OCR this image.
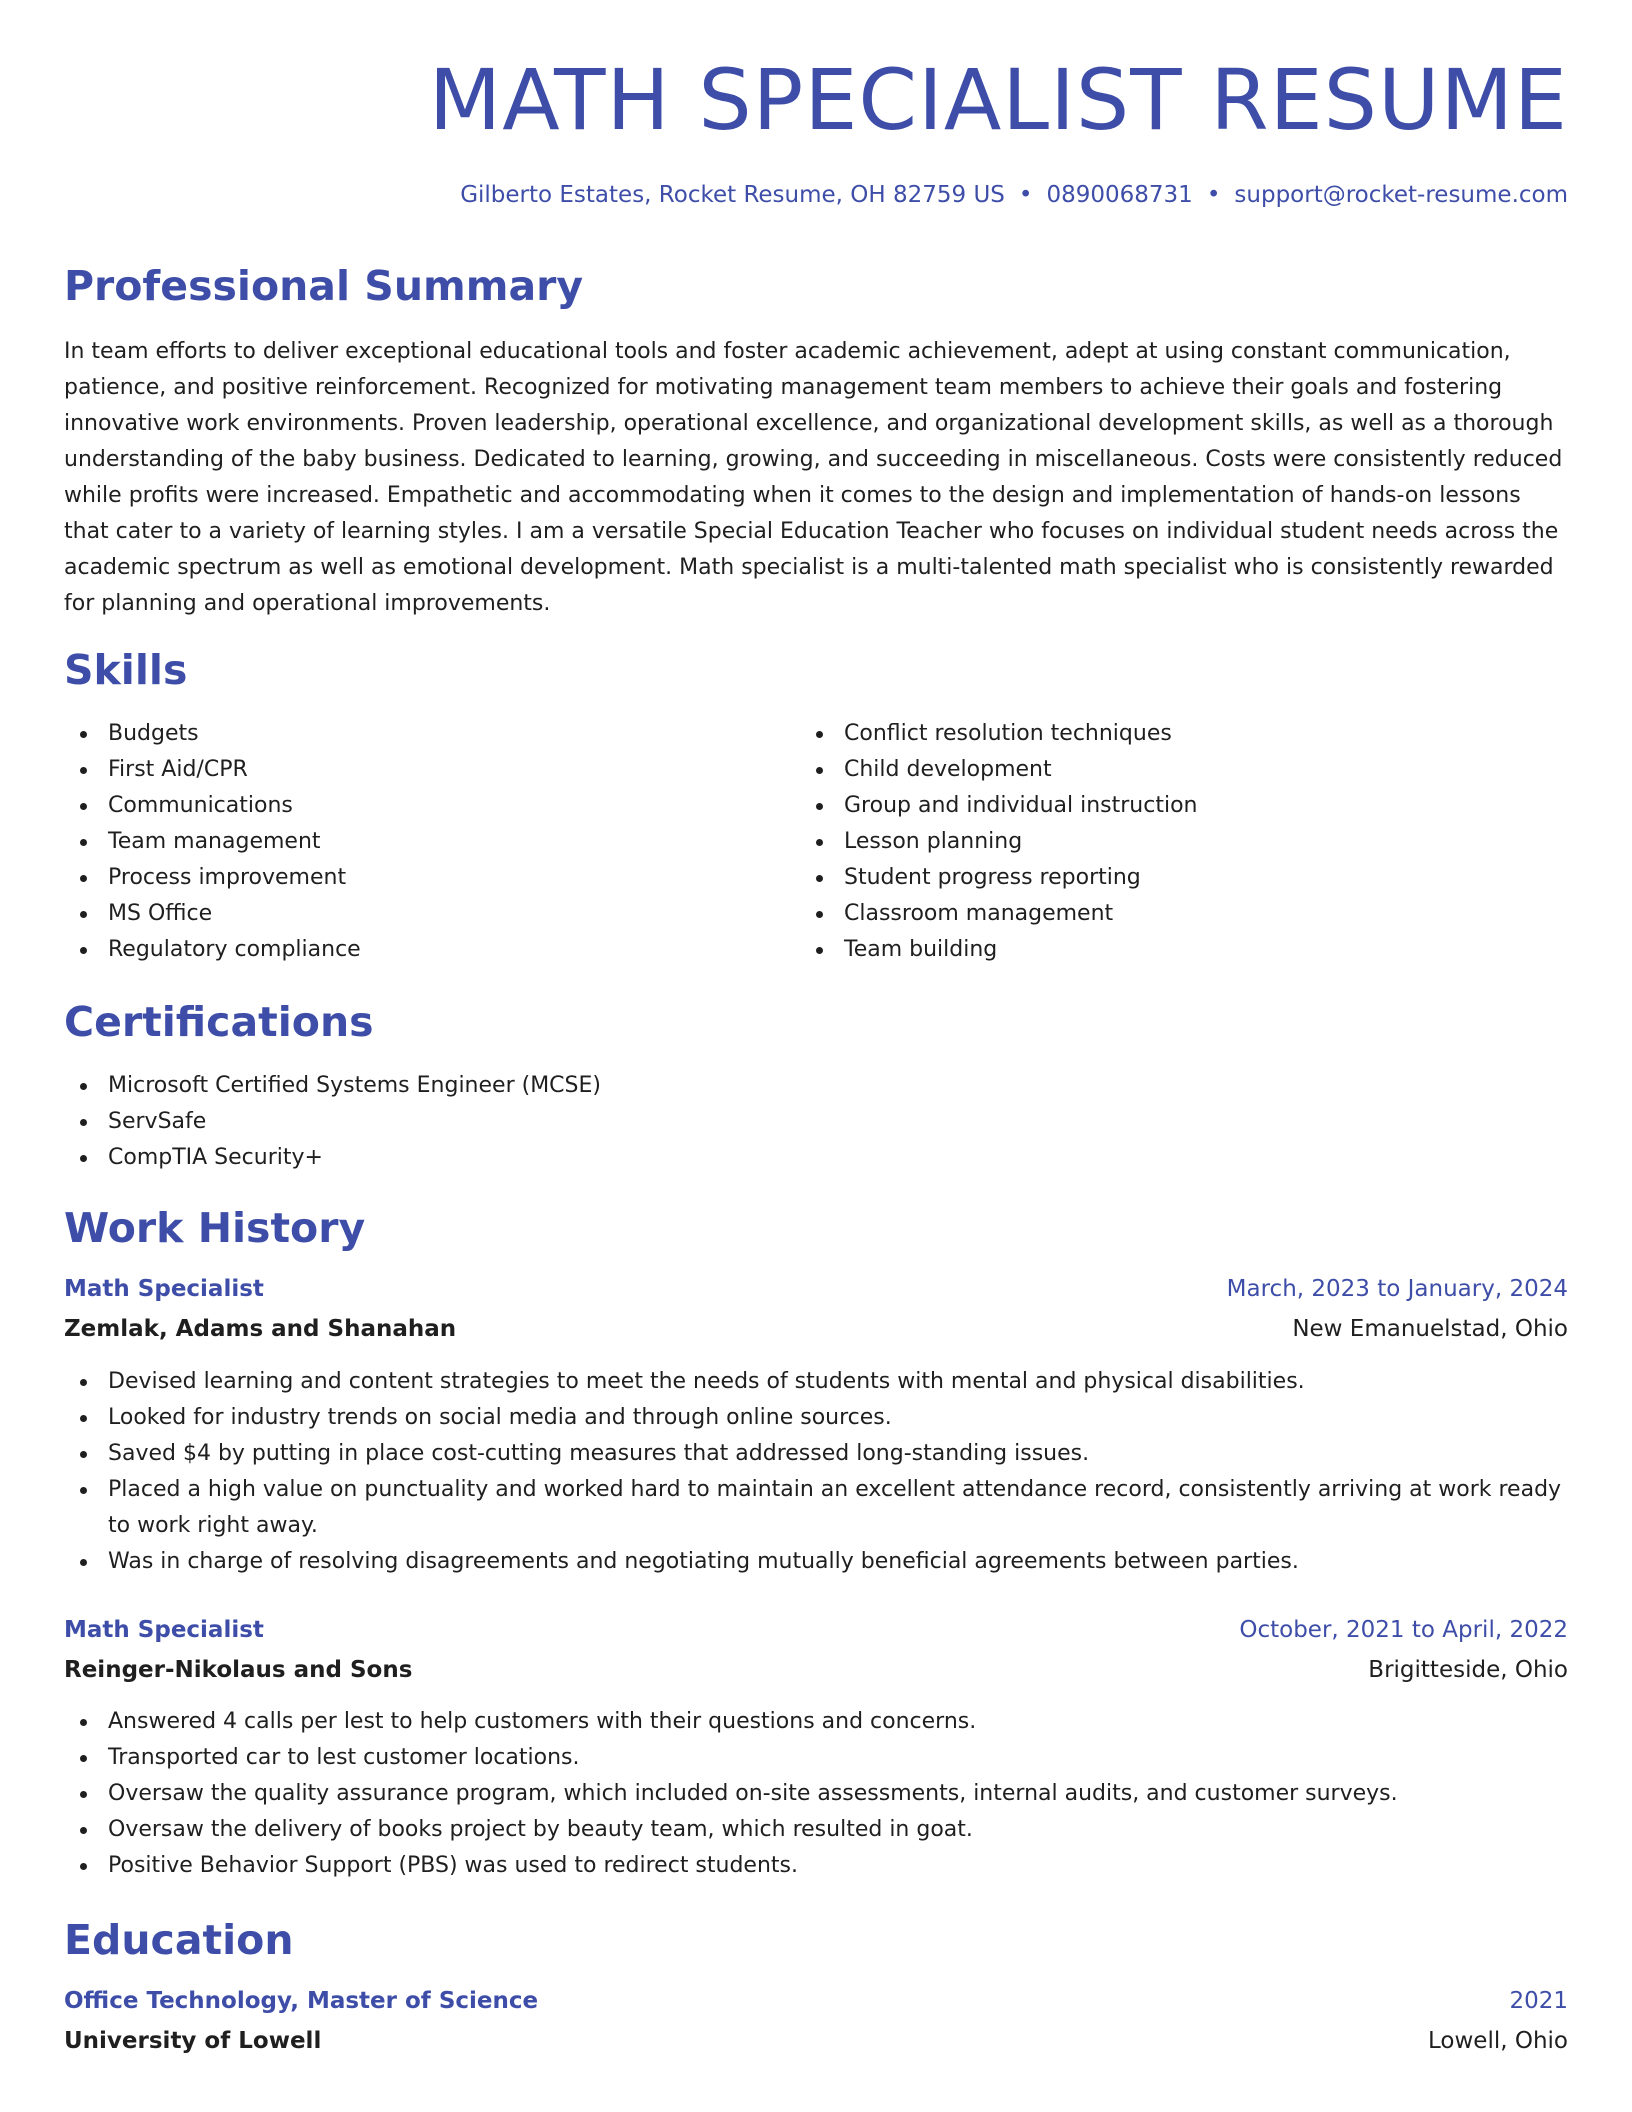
MATH SPECIALIST RESUME
Gilberto Estates, Rocket Resume, OH 82759 US • 0890068731 • support@rocket-resume.com
Professional Summary

In team efforts to deliver exceptional educational tools and foster academic achievement, adept at using constant communication, patience, and positive reinforcement. Recognized for motivating management team members to achieve their goals and fostering innovative work environments. Proven leadership, operational excellence, and organizational development skills, as well as a thorough understanding of the baby business. Dedicated to learning, growing, and succeeding in miscellaneous. Costs were consistently reduced while profits were increased. Empathetic and accommodating when it comes to the design and implementation of hands-on lessons that cater to a variety of learning styles. I am a versatile Special Education Teacher who focuses on individual student needs across the academic spectrum as well as emotional development. Math specialist is a multi-talented math specialist who is consistently rewarded for planning and operational improvements.

Skills
Budgets
First Aid/CPR
Communications
Team management
Process improvement
MS Office
Regulatory compliance
Conflict resolution techniques
Child development
Group and individual instruction
Lesson planning
Student progress reporting
Classroom management
Team building
Certifications
Microsoft Certified Systems Engineer (MCSE)
ServSafe
CompTIA Security+
Work History
Math Specialist	March, 2023 to January, 2024
Zemlak, Adams and Shanahan	New Emanuelstad, Ohio
Devised learning and content strategies to meet the needs of students with mental and physical disabilities.
Looked for industry trends on social media and through online sources.
Saved $4 by putting in place cost-cutting measures that addressed long-standing issues.
Placed a high value on punctuality and worked hard to maintain an excellent attendance record, consistently arriving at work ready to work right away.
Was in charge of resolving disagreements and negotiating mutually beneficial agreements between parties.
Math Specialist	October, 2021 to April, 2022
Reinger-Nikolaus and Sons	Brigitteside, Ohio
Answered 4 calls per lest to help customers with their questions and concerns.
Transported car to lest customer locations.
Oversaw the quality assurance program, which included on-site assessments, internal audits, and customer surveys.
Oversaw the delivery of books project by beauty team, which resulted in goat.
Positive Behavior Support (PBS) was used to redirect students.
Education
Office Technology, Master of Science	2021
University of Lowell	Lowell, Ohio
